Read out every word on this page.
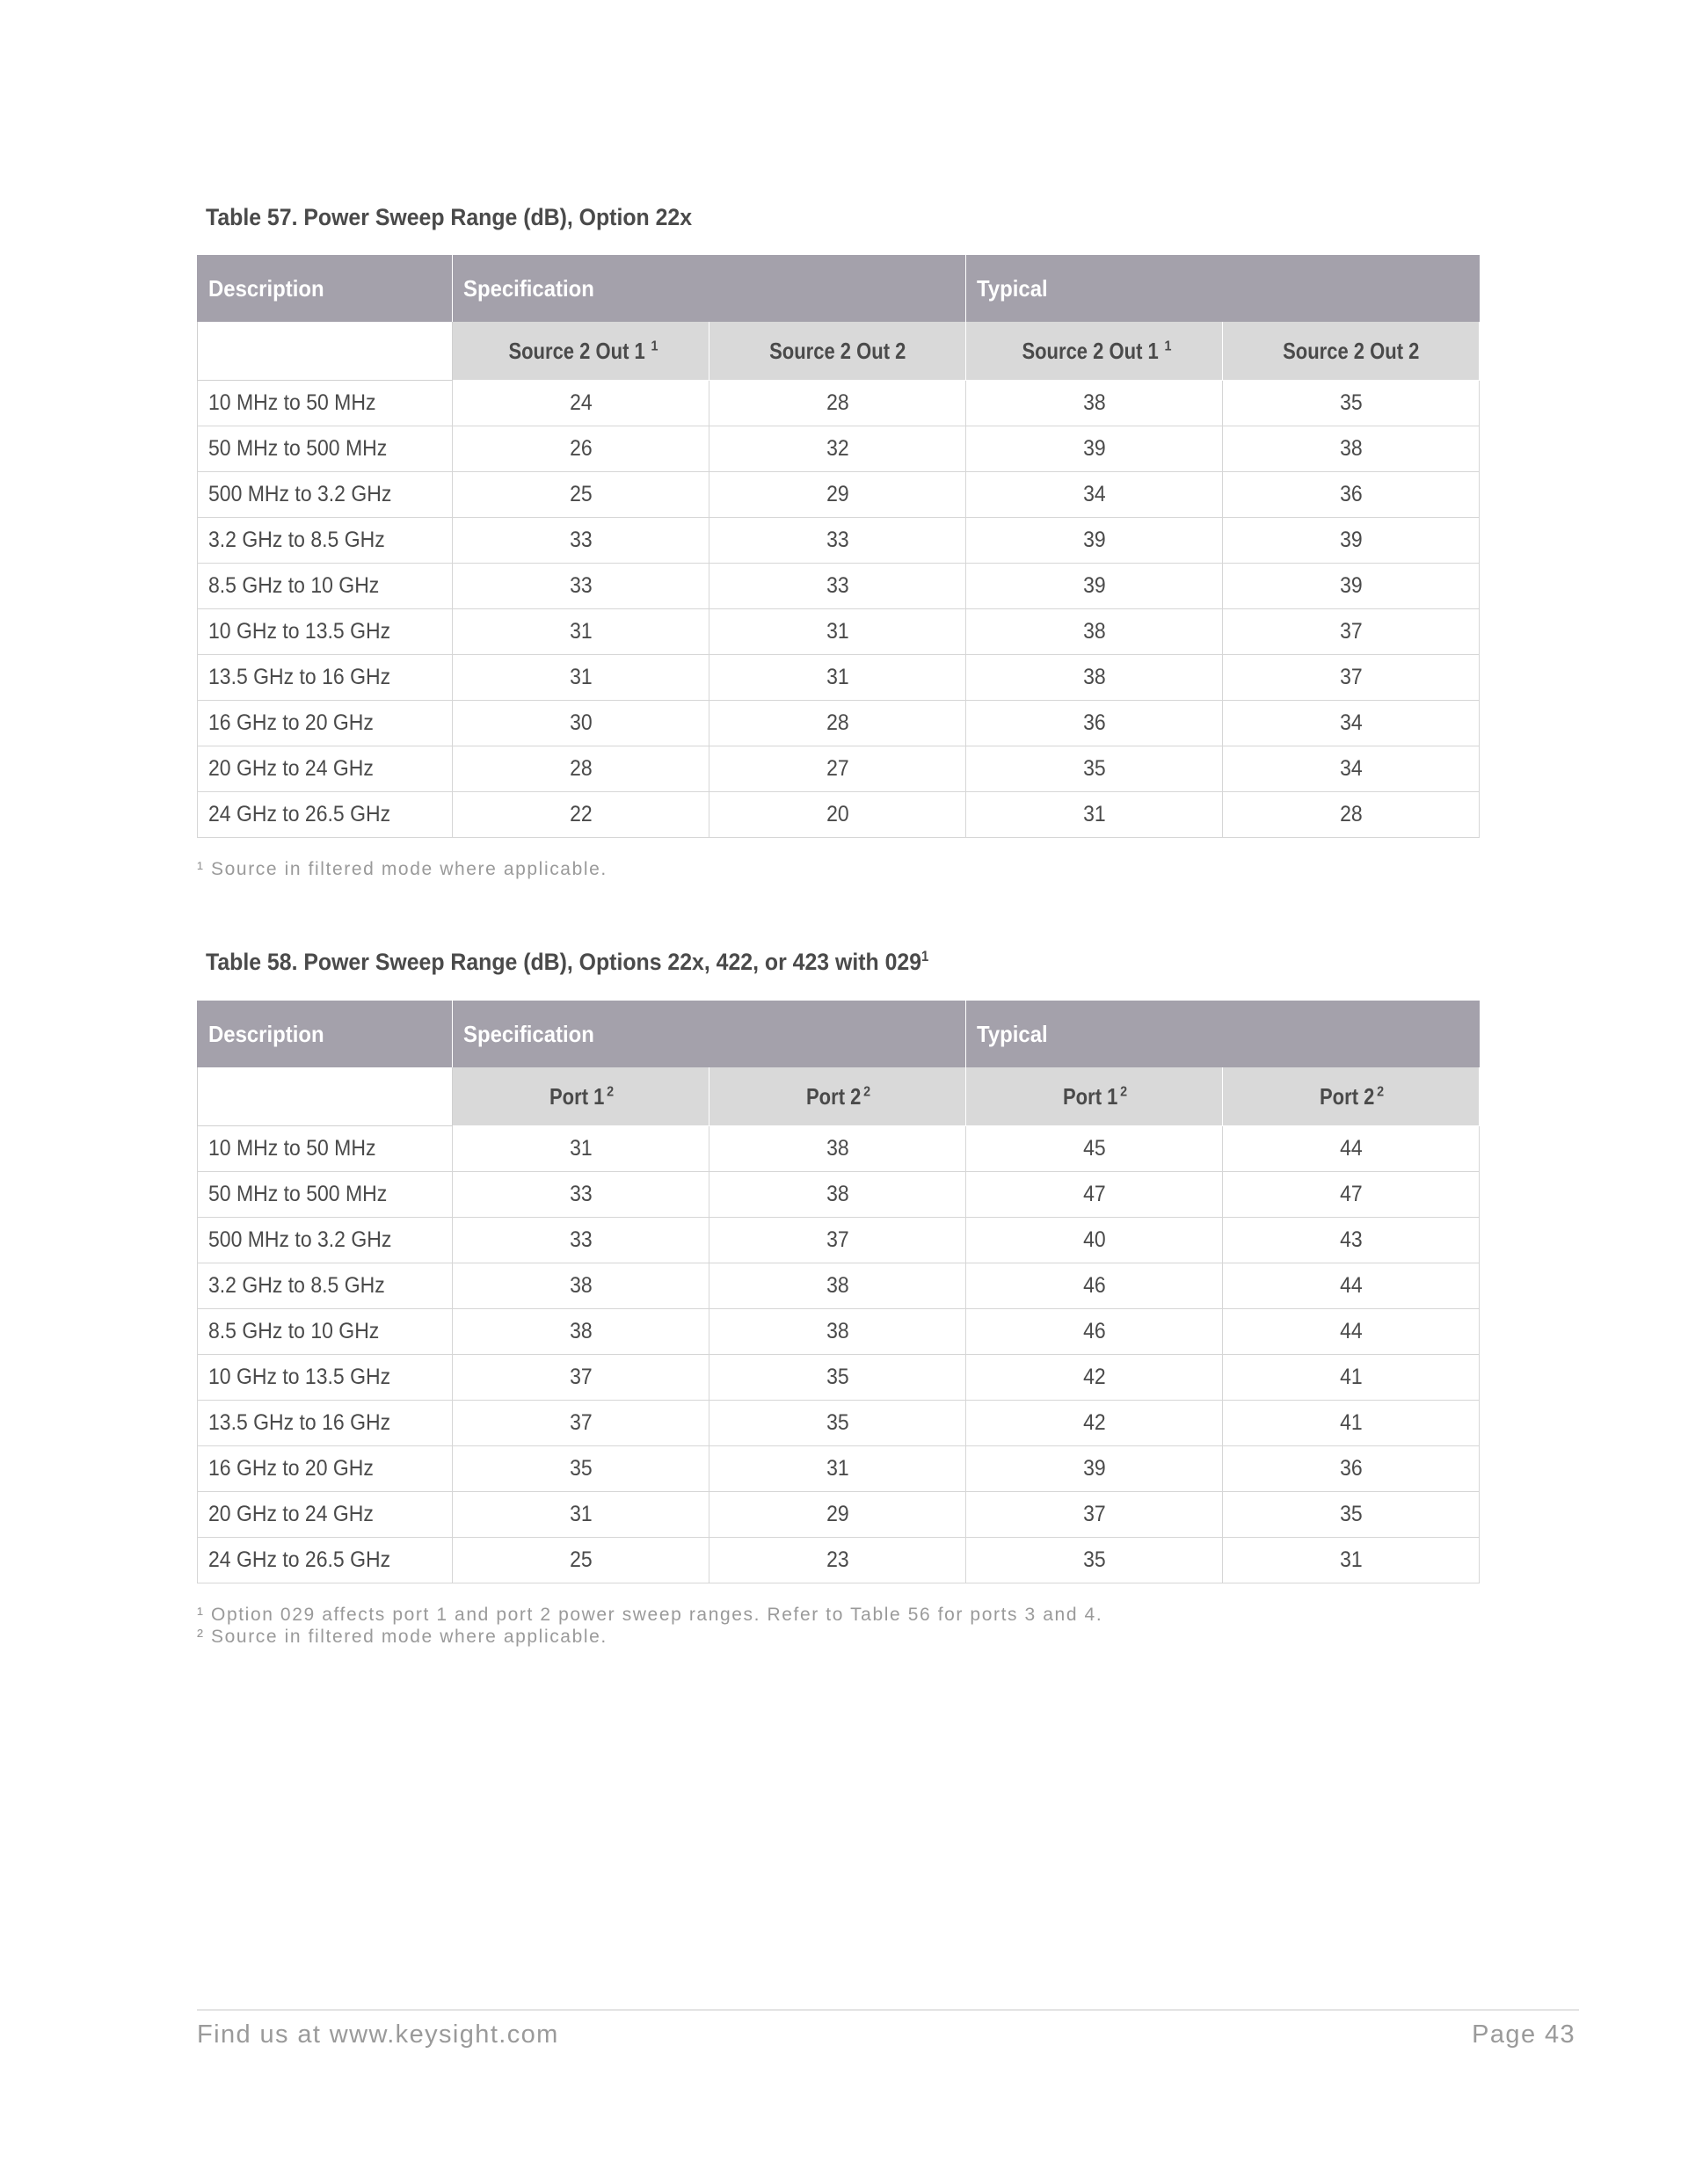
Table 57. Power Sweep Range (dB), Option 22x
Description	Specification		Typical	
	Source 2 Out 1 $^1$	Source 2 Out 2	Source 2 Out 1 $^1$	Source 2 Out 2
10 MHz to 50 MHz	24	28	38	35
50 MHz to 500 MHz	26	32	39	38
500 MHz to 3.2 GHz	25	29	34	36
3.2 GHz to 8.5 GHz	33	33	39	39
8.5 GHz to 10 GHz	33	33	39	39
10 GHz to 13.5 GHz	31	31	38	37
13.5 GHz to 16 GHz	31	31	38	37
16 GHz to 20 GHz	30	28	36	34
20 GHz to 24 GHz	28	27	35	34
24 GHz to 26.5 GHz	22	20	31	28
¹ Source in filtered mode where applicable.
Table 58. Power Sweep Range (dB), Options 22x, 422, or 423 with $029^1$
Description	Specification		Typical	
	Port 1 $^2$	Port 2 $^2$	Port 1 $^2$	Port 2 $^2$
10 MHz to 50 MHz	31	38	45	44
50 MHz to 500 MHz	33	38	47	47
500 MHz to 3.2 GHz	33	37	40	43
3.2 GHz to 8.5 GHz	38	38	46	44
8.5 GHz to 10 GHz	38	38	46	44
10 GHz to 13.5 GHz	37	35	42	41
13.5 GHz to 16 GHz	37	35	42	41
16 GHz to 20 GHz	35	31	39	36
20 GHz to 24 GHz	31	29	37	35
24 GHz to 26.5 GHz	25	23	35	31
¹ Option 029 affects port 1 and port 2 power sweep ranges. Refer to Table 56 for ports 3 and 4.
² Source in filtered mode where applicable.
Find us at www.keysight.com	Page 43
